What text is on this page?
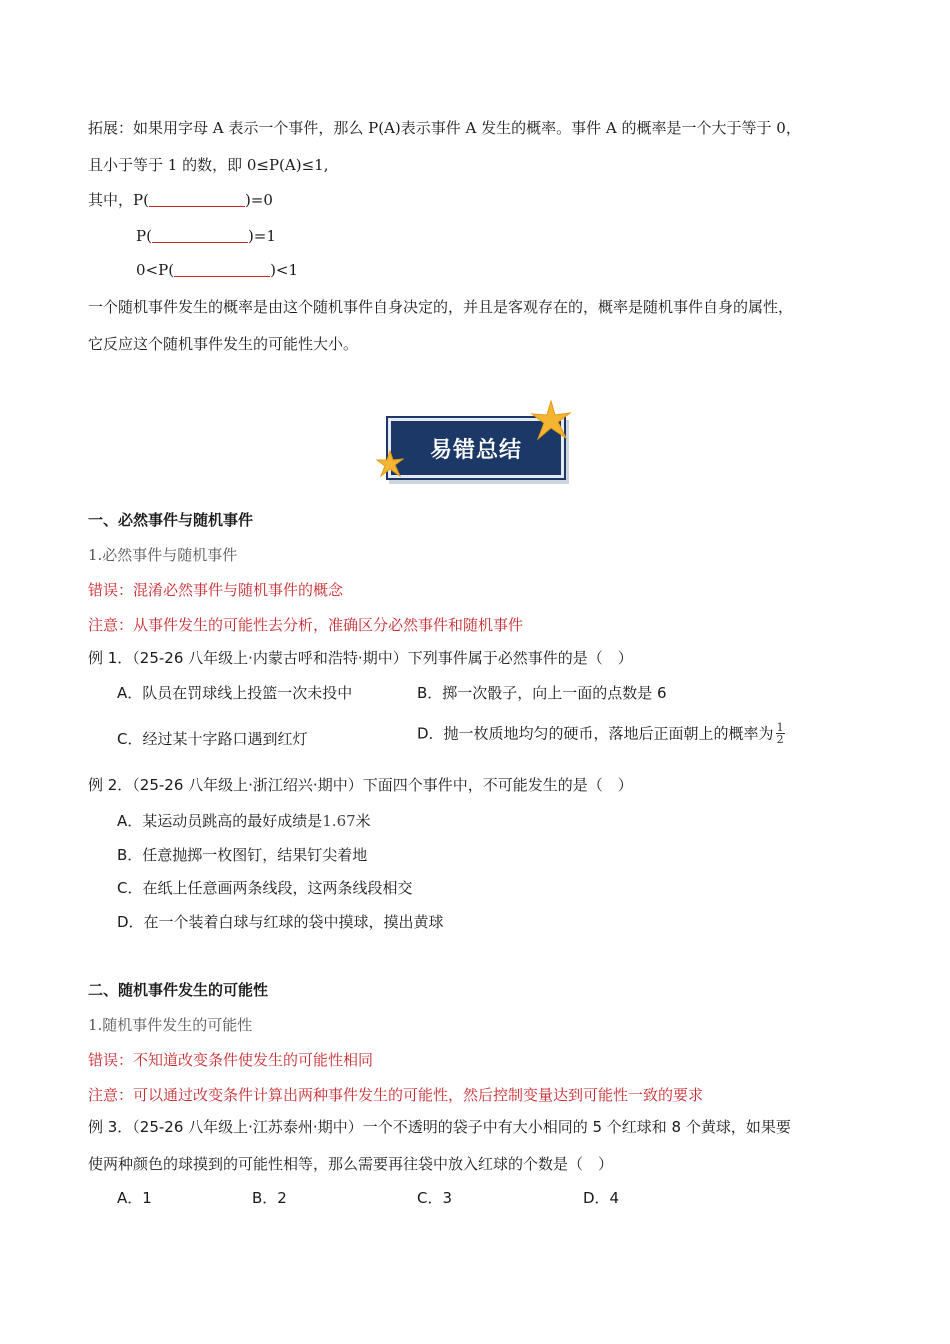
拓展：如果用字母 A 表示一个事件，那么 P(A)表示事件 A 发生的概率。事件 A 的概率是一个大于等于 0，
且小于等于 1 的数，即 0≤P(A)≤1,
其中，P(	)=0
P(	)=1
0<P(	)<1
一个随机事件发生的概率是由这个随机事件自身决定的，并且是客观存在的，概率是随机事件自身的属性，
它反应这个随机事件发生的可能性大小。
易错总结
一、必然事件与随机事件
1.必然事件与随机事件
错误：混淆必然事件与随机事件的概念
注意：从事件发生的可能性去分析，准确区分必然事件和随机事件
例 1．（25-26 八年级上·内蒙古呼和浩特·期中）下列事件属于必然事件的是（　）
A．队员在罚球线上投篮一次未投中	B．掷一次骰子，向上一面的点数是 6
C．经过某十字路口遇到红灯	D．抛一枚质地均匀的硬币，落地后正面朝上的概率为 $\frac{1}{2}$
例 2．（25-26 八年级上·浙江绍兴·期中）下面四个事件中，不可能发生的是（　）
A．某运动员跳高的最好成绩是1.67米
B．任意抛掷一枚图钉，结果钉尖着地
C．在纸上任意画两条线段，这两条线段相交
D．在一个装着白球与红球的袋中摸球，摸出黄球
二、随机事件发生的可能性
1.随机事件发生的可能性
错误：不知道改变条件使发生的可能性相同
注意：可以通过改变条件计算出两种事件发生的可能性，然后控制变量达到可能性一致的要求
例 3．（25-26 八年级上·江苏泰州·期中）一个不透明的袋子中有大小相同的 5 个红球和 8 个黄球，如果要
使两种颜色的球摸到的可能性相等，那么需要再往袋中放入红球的个数是（　）
A．1	B．2	C．3	D．4
